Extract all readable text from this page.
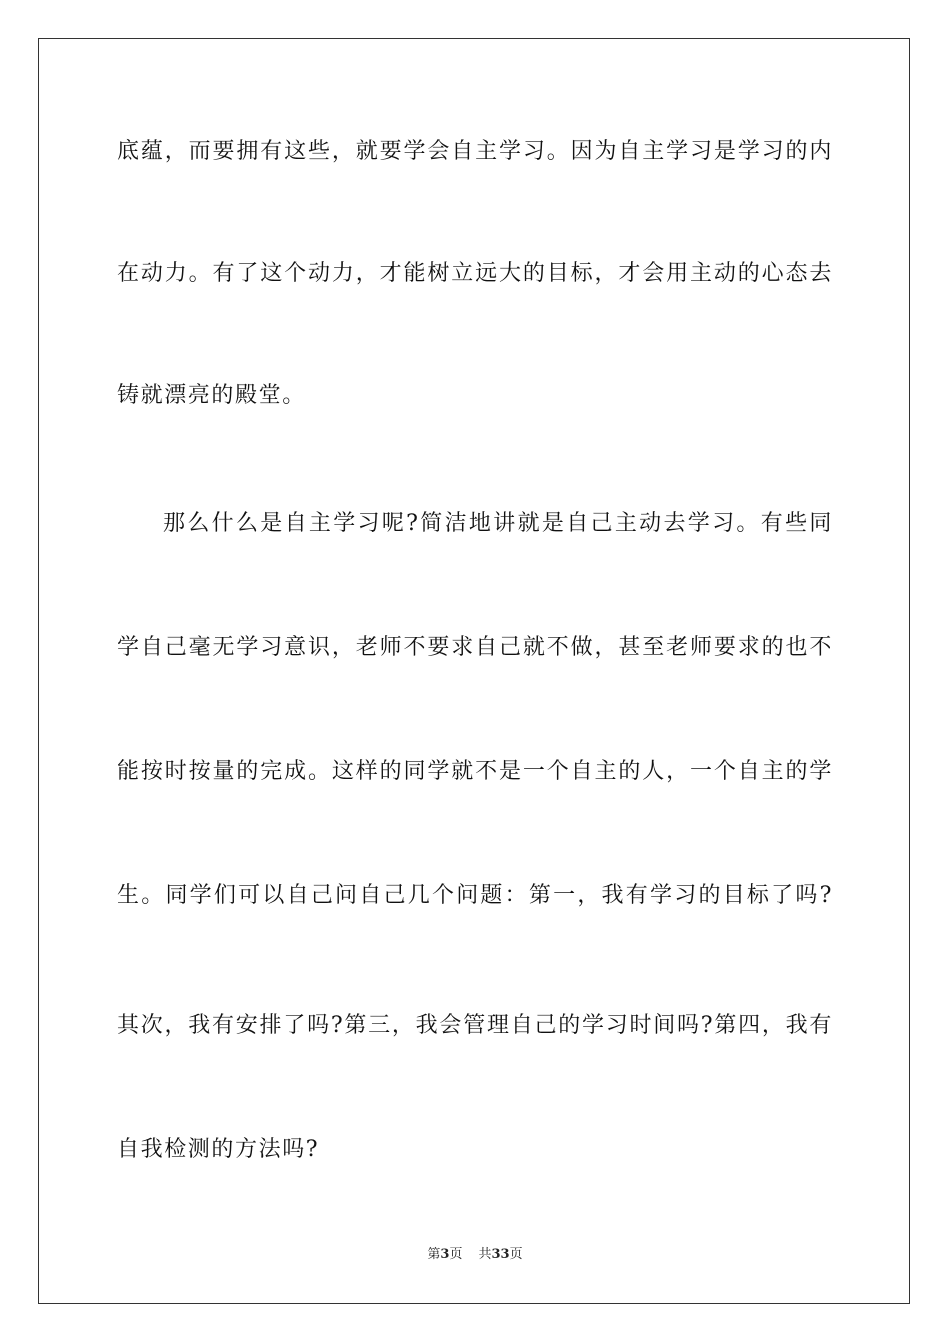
底蕴，而要拥有这些，就要学会自主学习。因为自主学习是学习的内
在动力。有了这个动力，才能树立远大的目标，才会用主动的心态去
铸就漂亮的殿堂。
那么什么是自主学习呢?简洁地讲就是自己主动去学习。有些同
学自己毫无学习意识，老师不要求自己就不做，甚至老师要求的也不
能按时按量的完成。这样的同学就不是一个自主的人，一个自主的学
生。同学们可以自己问自己几个问题：第一，我有学习的目标了吗?
其次，我有安排了吗?第三，我会管理自己的学习时间吗?第四，我有
自我检测的方法吗?
第3页 共33页
